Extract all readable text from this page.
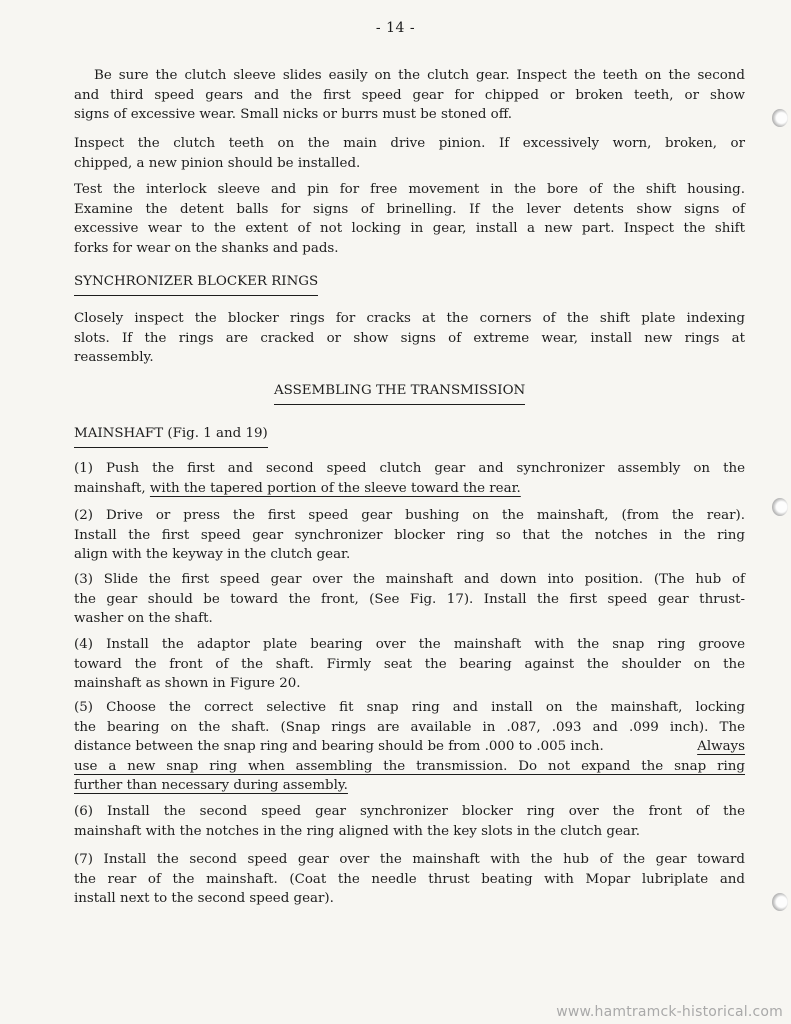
- 14 -
Be sure the clutch sleeve slides easily on the clutch gear. Inspect the teeth on the second
and third speed gears and the first speed gear for chipped or broken teeth, or show
signs of excessive wear. Small nicks or burrs must be stoned off.
Inspect the clutch teeth on the main drive pinion. If excessively worn, broken, or
chipped, a new pinion should be installed.
Test the interlock sleeve and pin for free movement in the bore of the shift housing.
Examine the detent balls for signs of brinelling. If the lever detents show signs of
excessive wear to the extent of not locking in gear, install a new part. Inspect the shift
forks for wear on the shanks and pads.
SYNCHRONIZER BLOCKER RINGS
Closely inspect the blocker rings for cracks at the corners of the shift plate indexing
slots. If the rings are cracked or show signs of extreme wear, install new rings at
reassembly.
ASSEMBLING THE TRANSMISSION
MAINSHAFT (Fig. 1 and 19)
(1) Push the first and second speed clutch gear and synchronizer assembly on the
mainshaft, with the tapered portion of the sleeve toward the rear.
(2) Drive or press the first speed gear bushing on the mainshaft, (from the rear).
Install the first speed gear synchronizer blocker ring so that the notches in the ring
align with the keyway in the clutch gear.
(3) Slide the first speed gear over the mainshaft and down into position. (The hub of
the gear should be toward the front, (See Fig. 17). Install the first speed gear thrust-
washer on the shaft.
(4) Install the adaptor plate bearing over the mainshaft with the snap ring groove
toward the front of the shaft. Firmly seat the bearing against the shoulder on the
mainshaft as shown in Figure 20.
(5) Choose the correct selective fit snap ring and install on the mainshaft, locking
the bearing on the shaft. (Snap rings are available in .087, .093 and .099 inch). The
distance between the snap ring and bearing should be from .000 to .005 inch.	Always
use a new snap ring when assembling the transmission. Do not expand the snap ring
further than necessary during assembly.
(6) Install the second speed gear synchronizer blocker ring over the front of the
mainshaft with the notches in the ring aligned with the key slots in the clutch gear.
(7) Install the second speed gear over the mainshaft with the hub of the gear toward
the rear of the mainshaft. (Coat the needle thrust beating with Mopar lubriplate and
install next to the second speed gear).
www.hamtramck-historical.com
